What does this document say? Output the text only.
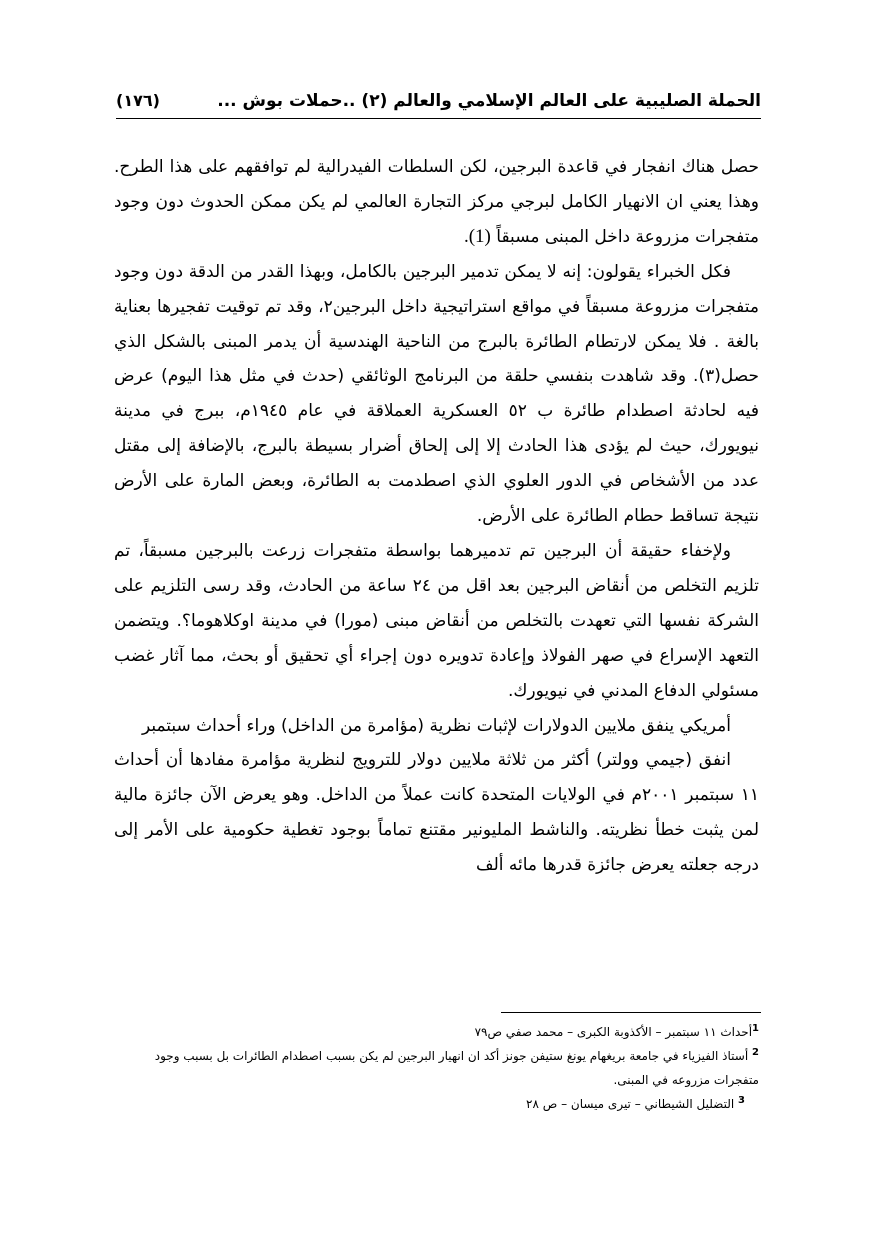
الحملة الصليبية على العالم الإسلامي والعالم (٢) ..حملات بوش ...
(١٧٦)

حصل هناك انفجار في قاعدة البرجين، لكن السلطات الفيدرالية لم توافقهم على هذا الطرح. وهذا يعني ان الانهيار الكامل لبرجي مركز التجارة العالمي لم يكن ممكن الحدوث دون وجود متفجرات مزروعة داخل المبنى مسبقاً (1).

فكل الخبراء يقولون: إنه لا يمكن تدمير البرجين بالكامل، وبهذا القدر من الدقة دون وجود متفجرات مزروعة مسبقاً في مواقع استراتيجية داخل البرجين٢، وقد تم توقيت تفجيرها بعناية بالغة . فلا يمكن لارتطام الطائرة بالبرج من الناحية الهندسية أن يدمر المبنى بالشكل الذي حصل(٣). وقد شاهدت بنفسي حلقة من البرنامج الوثائقي (حدث في مثل هذا اليوم) عرض فيه لحادثة اصطدام طائرة ب ٥٢ العسكرية العملاقة في عام ١٩٤٥م، ببرج في مدينة نيويورك، حيث لم يؤدى هذا الحادث إلا إلى إلحاق أضرار بسيطة بالبرج، بالإضافة إلى مقتل عدد من الأشخاص في الدور العلوي الذي اصطدمت به الطائرة، وبعض المارة على الأرض نتيجة تساقط حطام الطائرة على الأرض.

ولإخفاء حقيقة أن البرجين تم تدميرهما بواسطة متفجرات زرعت بالبرجين مسبقاً، تم تلزيم التخلص من أنقاض البرجين بعد اقل من ٢٤ ساعة من الحادث، وقد رسى التلزيم على الشركة نفسها التي تعهدت بالتخلص من أنقاض مبنى (مورا) في مدينة اوكلاهوما؟. ويتضمن التعهد الإسراع في صهر الفولاذ وإعادة تدويره دون إجراء أي تحقيق أو بحث، مما آثار غضب مسئولي الدفاع المدني في نيويورك.

أمريكي ينفق ملايين الدولارات لإثبات نظرية (مؤامرة من الداخل) وراء أحداث سبتمبر

انفق (جيمي وولتر) أكثر من ثلاثة ملايين دولار للترويج لنظرية مؤامرة مفادها أن أحداث ١١ سبتمبر ٢٠٠١م في الولايات المتحدة كانت عملاً من الداخل. وهو يعرض الآن جائزة مالية لمن يثبت خطأ نظريته. والناشط المليونير مقتنع تماماً بوجود تغطية حكومية على الأمر إلى درجه جعلته يعرض جائزة قدرها مائه ألف

$^1$أحداث ١١ سبتمبر – الأكذوبة الكبرى – محمد صفي ص٧٩

$^2$ أستاذ الفيزياء في جامعة بريغهام يونغ ستيفن جونز أكد ان انهيار البرجين لم يكن بسبب اصطدام الطائرات بل بسبب وجود متفجرات مزروعه في المبنى.

$^3$ التضليل الشيطاني – تيرى ميسان – ص ٢٨
